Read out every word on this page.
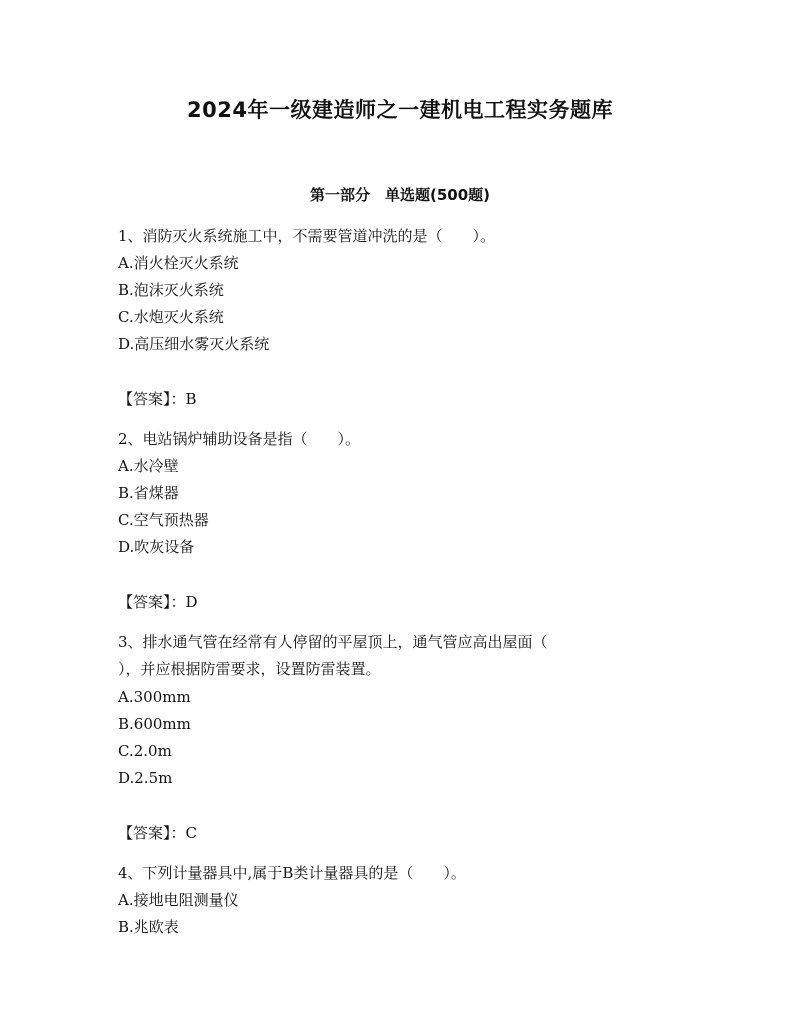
2024年一级建造师之一建机电工程实务题库
第一部分　单选题(500题)
1、消防灭火系统施工中，不需要管道冲洗的是（　　）。
A.消火栓灭火系统
B.泡沫灭火系统
C.水炮灭火系统
D.高压细水雾灭火系统
【答案】：B
2、电站锅炉辅助设备是指（　　）。
A.水冷壁
B.省煤器
C.空气预热器
D.吹灰设备
【答案】：D
3、排水通气管在经常有人停留的平屋顶上，通气管应高出屋面（
），并应根据防雷要求，设置防雷装置。
A.300mm
B.600mm
C.2.0m
D.2.5m
【答案】：C
4、下列计量器具中,属于B类计量器具的是（　　）。
A.接地电阻测量仪
B.兆欧表
